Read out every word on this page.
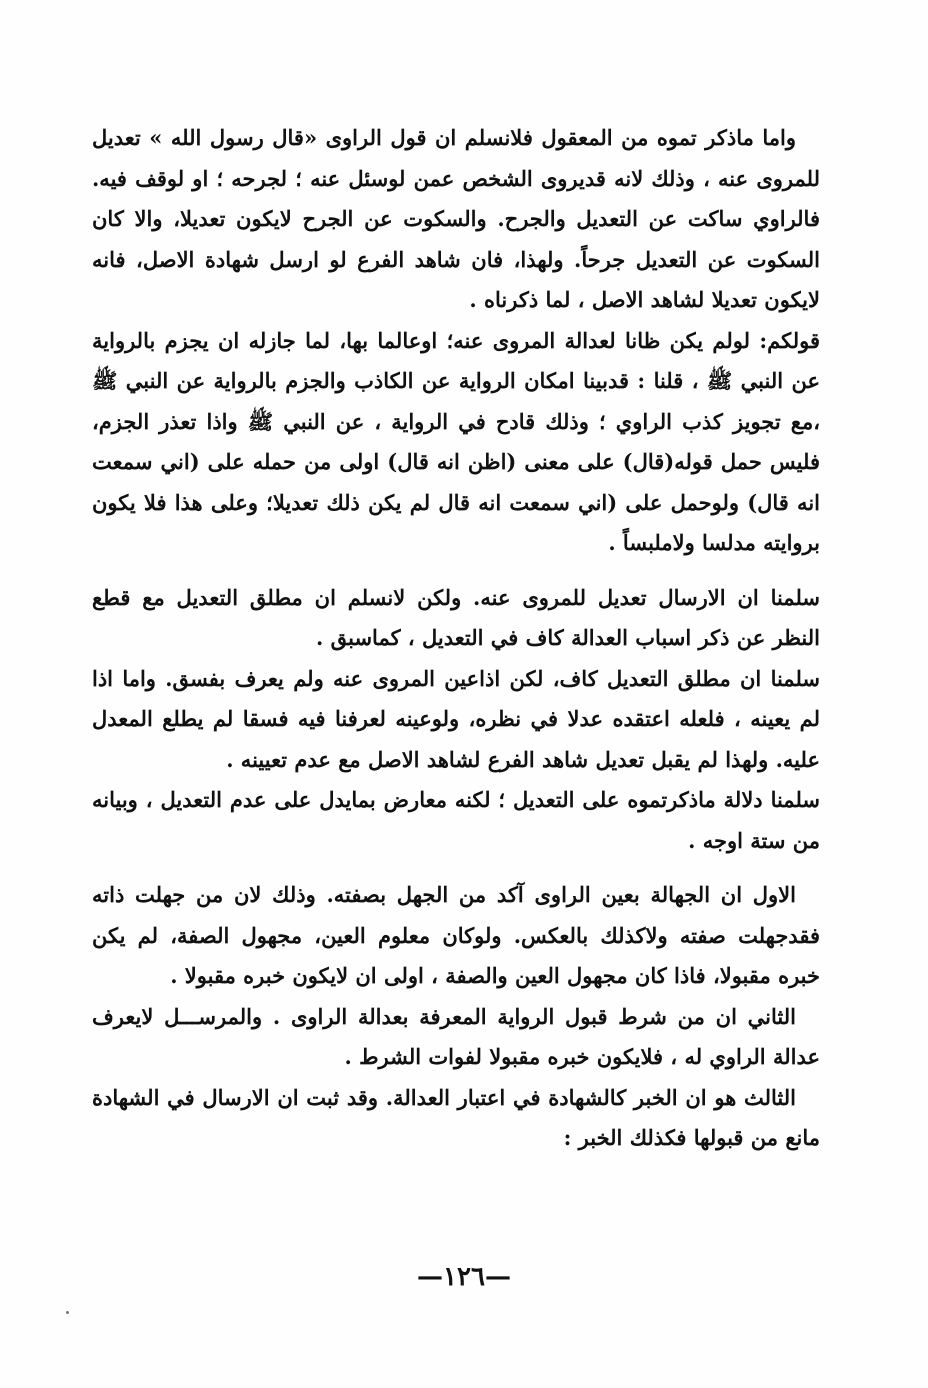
واما ماذكر تموه من المعقول فلانسلم ان قول الراوى «قال رسول الله » تعديل للمروى عنه ، وذلك لانه قديروى الشخص عمن لوسئل عنه ؛ لجرحه ؛ او لوقف فيه. فالراوي ساكت عن التعديل والجرح. والسكوت عن الجرح لايكون تعديلا، والا كان السكوت عن التعديل جرحاً. ولهذا، فان شاهد الفرع لو ارسل شهادة الاصل، فانه لايكون تعديلا لشاهد الاصل ، لما ذكرناه .

قولكم: لولم يكن ظانا لعدالة المروى عنه؛ اوعالما بها، لما جازله ان يجزم بالرواية عن النبي ﷺ ، قلنا : قدبينا امكان الرواية عن الكاذب والجزم بالرواية عن النبي ﷺ ،مع تجويز كذب الراوي ؛ وذلك قادح في الرواية ، عن النبي ﷺ واذا تعذر الجزم، فليس حمل قوله(قال) على معنى (اظن انه قال) اولى من حمله على (اني سمعت انه قال) ولوحمل على (اني سمعت انه قال لم يكن ذلك تعديلا؛ وعلى هذا فلا يكون بروايته مدلسا ولاملبساً .

سلمنا ان الارسال تعديل للمروى عنه. ولكن لانسلم ان مطلق التعديل مع قطع النظر عن ذكر اسباب العدالة كاف في التعديل ، كماسبق .

سلمنا ان مطلق التعديل كاف، لكن اذاعين المروى عنه ولم يعرف بفسق. واما اذا لم يعينه ، فلعله اعتقده عدلا في نظره، ولوعينه لعرفنا فيه فسقا لم يطلع المعدل عليه. ولهذا لم يقبل تعديل شاهد الفرع لشاهد الاصل مع عدم تعيينه .

سلمنا دلالة ماذكرتموه على التعديل ؛ لكنه معارض بمايدل على عدم التعديل ، وبيانه من ستة اوجه .

الاول ان الجهالة بعين الراوى آكد من الجهل بصفته. وذلك لان من جهلت ذاته فقدجهلت صفته ولاكذلك بالعكس. ولوكان معلوم العين، مجهول الصفة، لم يكن خبره مقبولا، فاذا كان مجهول العين والصفة ، اولى ان لايكون خبره مقبولا .

الثاني ان من شرط قبول الرواية المعرفة بعدالة الراوى . والمرســـل لايعرف عدالة الراوي له ، فلايكون خبره مقبولا لفوات الشرط .

الثالث هو ان الخبر كالشهادة في اعتبار العدالة. وقد ثبت ان الارسال في الشهادة مانع من قبولها فكذلك الخبر :

—١٢٦—
